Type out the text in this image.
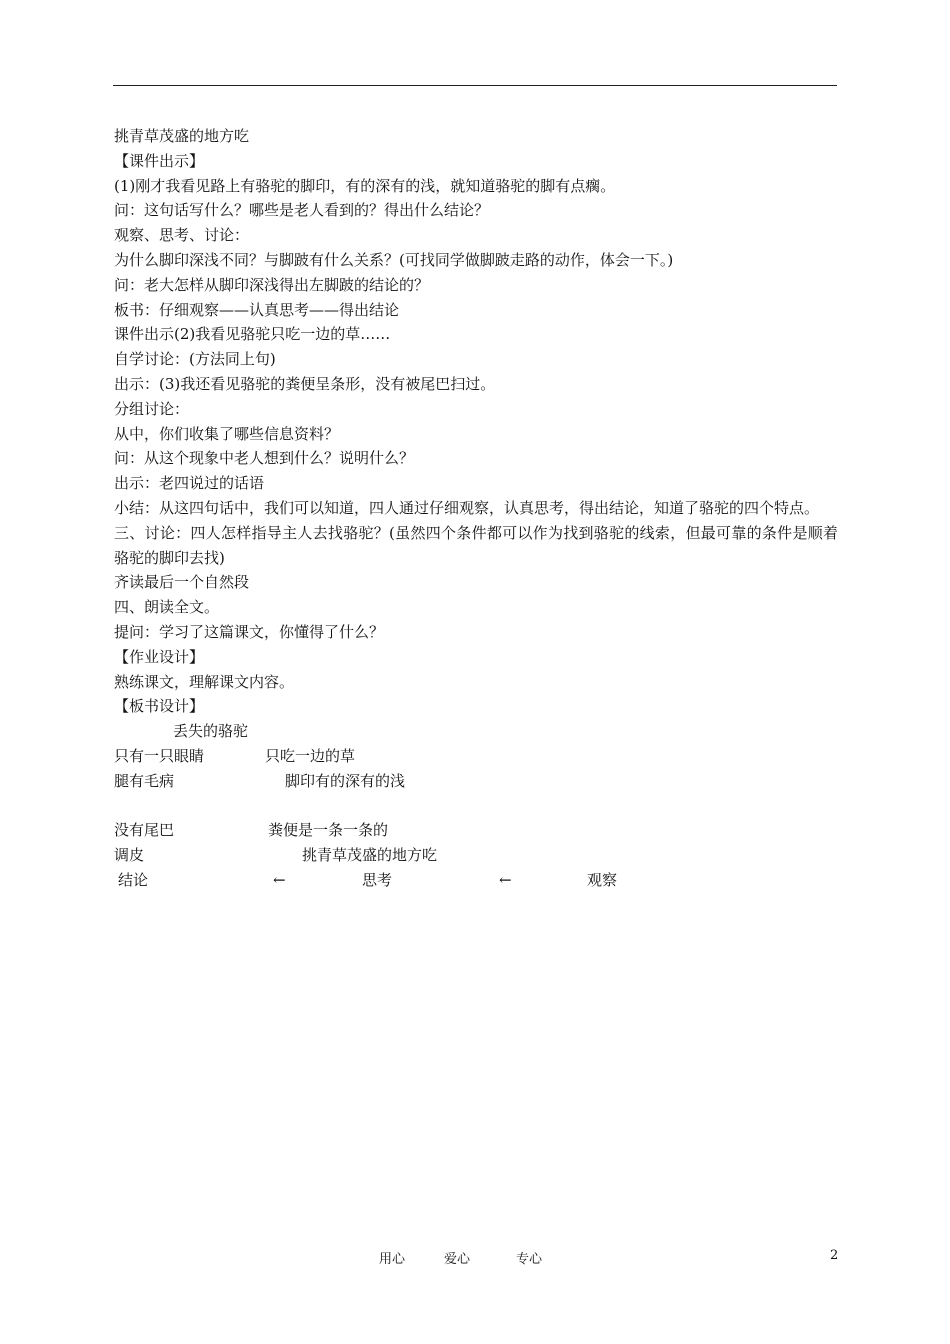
挑青草茂盛的地方吃
【课件出示】
(1)刚才我看见路上有骆驼的脚印，有的深有的浅，就知道骆驼的脚有点瘸。
问：这句话写什么？哪些是老人看到的？得出什么结论？
观察、思考、讨论：
为什么脚印深浅不同？与脚跛有什么关系？(可找同学做脚跛走路的动作，体会一下。)
问：老大怎样从脚印深浅得出左脚跛的结论的？
板书：仔细观察——认真思考——得出结论
课件出示(2)我看见骆驼只吃一边的草……
自学讨论：(方法同上句)
出示：(3)我还看见骆驼的粪便呈条形，没有被尾巴扫过。
分组讨论：
从中，你们收集了哪些信息资料？
问：从这个现象中老人想到什么？说明什么？
出示：老四说过的话语
小结：从这四句话中，我们可以知道，四人通过仔细观察，认真思考，得出结论，知道了骆驼的四个特点。
三、讨论：四人怎样指导主人去找骆驼？(虽然四个条件都可以作为找到骆驼的线索，但最可靠的条件是顺着骆驼的脚印去找)
齐读最后一个自然段
四、朗读全文。
提问：学习了这篇课文，你懂得了什么？
【作业设计】
熟练课文，理解课文内容。
【板书设计】
丢失的骆驼
只有一只眼睛	只吃一边的草
腿有毛病	脚印有的深有的浅
没有尾巴	粪便是一条一条的
调皮	挑青草茂盛的地方吃
结论	←	思考	←	观察
用心	爱心	专心	2
